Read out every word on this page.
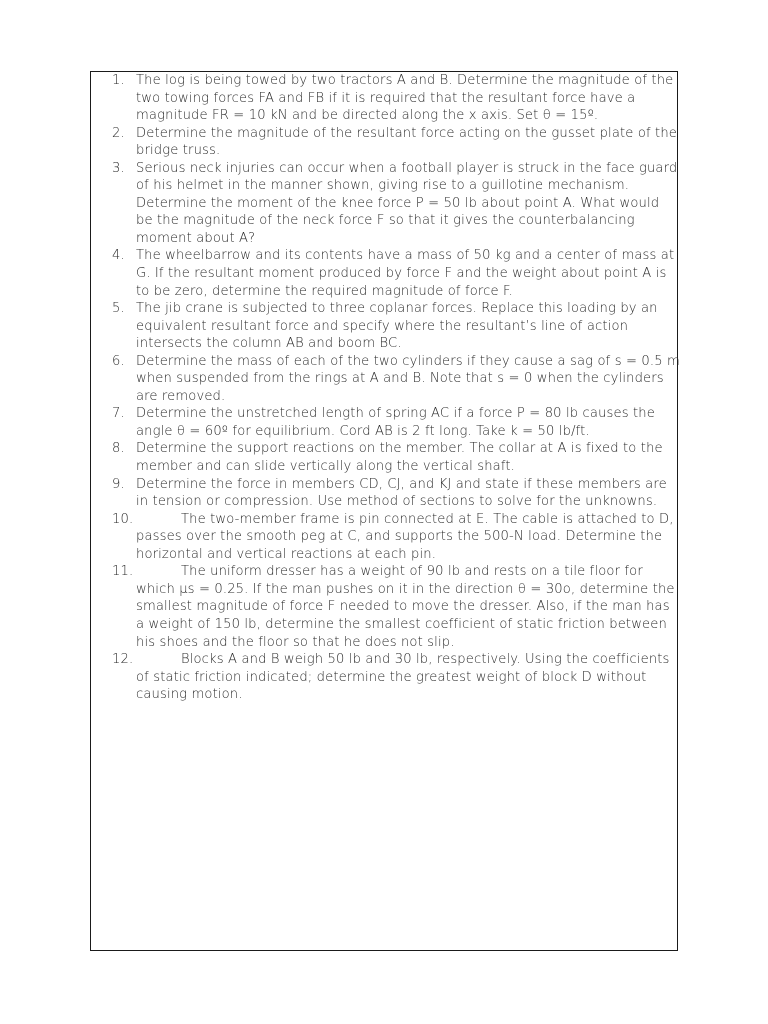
1. The log is being towed by two tractors A and B. Determine the magnitude of the two towing forces FA and FB if it is required that the resultant force have a magnitude FR = 10 kN and be directed along the x axis. Set θ = 15º.
2. Determine the magnitude of the resultant force acting on the gusset plate of the bridge truss.
3. Serious neck injuries can occur when a football player is struck in the face guard of his helmet in the manner shown, giving rise to a guillotine mechanism. Determine the moment of the knee force P = 50 lb about point A. What would be the magnitude of the neck force F so that it gives the counterbalancing moment about A?
4. The wheelbarrow and its contents have a mass of 50 kg and a center of mass at G. If the resultant moment produced by force F and the weight about point A is to be zero, determine the required magnitude of force F.
5. The jib crane is subjected to three coplanar forces. Replace this loading by an equivalent resultant force and specify where the resultant’s line of action intersects the column AB and boom BC.
6. Determine the mass of each of the two cylinders if they cause a sag of s = 0.5 m when suspended from the rings at A and B. Note that s = 0 when the cylinders are removed.
7. Determine the unstretched length of spring AC if a force P = 80 lb causes the angle θ = 60º for equilibrium. Cord AB is 2 ft long. Take k = 50 lb/ft.
8. Determine the support reactions on the member. The collar at A is fixed to the member and can slide vertically along the vertical shaft.
9. Determine the force in members CD, CJ, and KJ and state if these members are in tension or compression. Use method of sections to solve for the unknowns.
10.	The two-member frame is pin connected at E. The cable is attached to D, passes over the smooth peg at C, and supports the 500-N load. Determine the horizontal and vertical reactions at each pin.
11.	The uniform dresser has a weight of 90 lb and rests on a tile floor for which μs = 0.25. If the man pushes on it in the direction θ = 30o, determine the smallest magnitude of force F needed to move the dresser. Also, if the man has a weight of 150 lb, determine the smallest coefficient of static friction between his shoes and the floor so that he does not slip.
12.	Blocks A and B weigh 50 lb and 30 lb, respectively. Using the coefficients of static friction indicated; determine the greatest weight of block D without causing motion.
